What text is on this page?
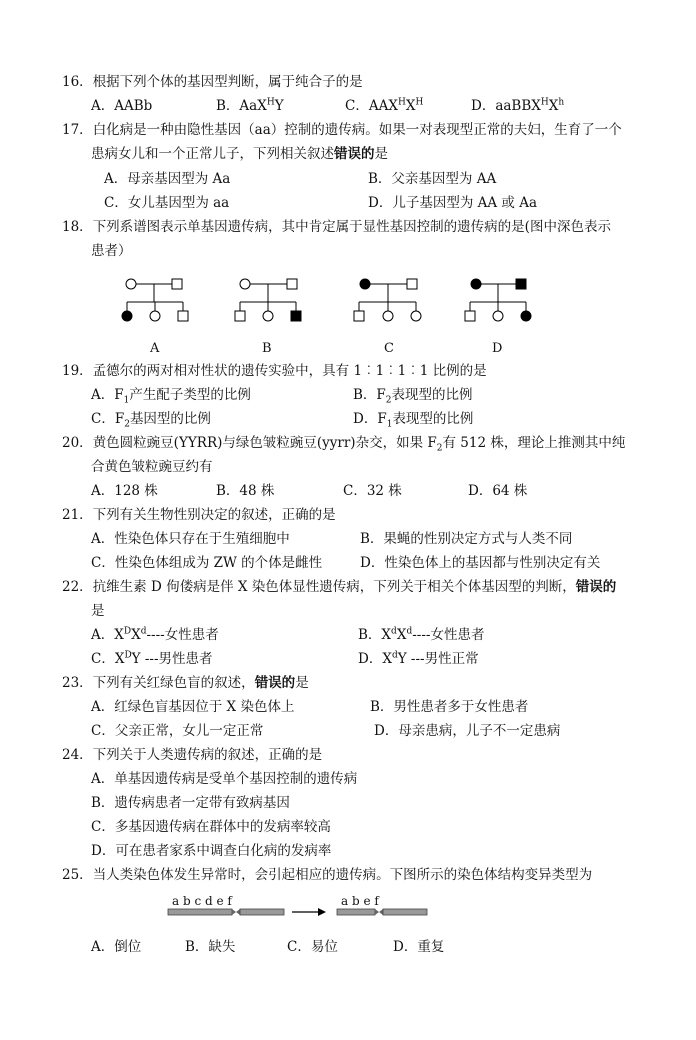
16．根据下列个体的基因型判断，属于纯合子的是
A．AABb	B．AaX$^H$Y	C．$AAX^HX^H$	D．$aaBBX^HX^h$
17．白化病是一种由隐性基因（aa）控制的遗传病。如果一对表现型正常的夫妇，生育了一个
患病女儿和一个正常儿子，下列相关叙述错误的是
A．母亲基因型为 Aa	B．父亲基因型为 AA
C．女儿基因型为 aa	D．儿子基因型为 AA 或 Aa
18．下列系谱图表示单基因遗传病，其中肯定属于显性基因控制的遗传病的是(图中深色表示
患者）
A	B	C	D
19．孟德尔的两对相对性状的遗传实验中，具有 1︰1︰1︰1 比例的是
A．$F_1$产生配子类型的比例	B．$F_2$表现型的比例
C．$F_2$基因型的比例	D．$F_1$表现型的比例
20．黄色圆粒豌豆(YYRR)与绿色皱粒豌豆(yyrr)杂交，如果 $F_2$有 512 株，理论上推测其中纯
合黄色皱粒豌豆约有
A．128 株	B．48 株	C．32 株	D．64 株
21．下列有关生物性别决定的叙述，正确的是
A．性染色体只存在于生殖细胞中	B．果蝇的性别决定方式与人类不同
C．性染色体组成为 ZW 的个体是雌性	D．性染色体上的基因都与性别决定有关
22．抗维生素 D 佝偻病是伴 X 染色体显性遗传病，下列关于相关个体基因型的判断，错误的
是
A．$X^DX^d----$女性患者	B．$X^dX^d----$女性患者
C．$X^DY$ ---男性患者	D．$X^dY$ ---男性正常
23．下列有关红绿色盲的叙述，错误的是
A．红绿色盲基因位于 X 染色体上	B．男性患者多于女性患者
C．父亲正常，女儿一定正常	D．母亲患病，儿子不一定患病
24．下列关于人类遗传病的叙述，正确的是
A．单基因遗传病是受单个基因控制的遗传病
B．遗传病患者一定带有致病基因
C．多基因遗传病在群体中的发病率较高
D．可在患者家系中调查白化病的发病率
25．当人类染色体发生异常时，会引起相应的遗传病。下图所示的染色体结构变异类型为
a b c d e f	a b e f
A．倒位	B．缺失	C．易位	D．重复
